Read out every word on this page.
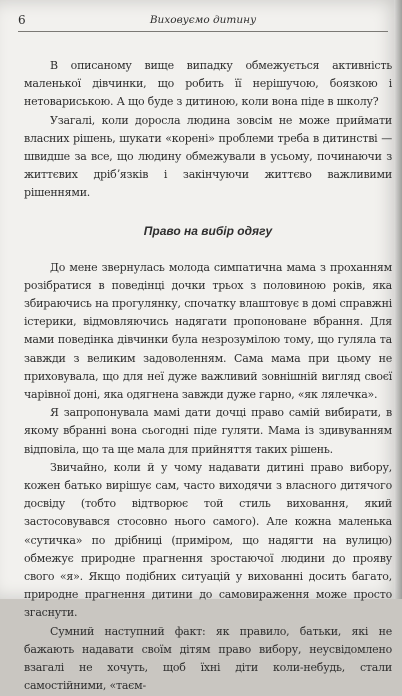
6	Виховуємо дитину

В описаному вище випадку обмежується активність маленької дівчинки, що робить її нерішучою, боязкою і нетовариською. А що буде з дитиною, коли вона піде в школу?

Узагалі, коли доросла людина зовсім не може приймати власних рішень, шукати «корені» проблеми треба в дитинстві — швидше за все, що людину обмежували в усьому, починаючи з життєвих дрібʼязків і закінчуючи життєво важливими рішеннями.

Право на вибір одягу

До мене звернулась молода симпатична мама з проханням розібратися в поведінці дочки трьох з половиною років, яка збираючись на прогулянку, спочатку влаштовує в домі справжні істерики, відмовляючись надягати пропоноване вбрання. Для мами поведінка дівчинки була незрозумілою тому, що гуляла та завжди з великим задоволенням. Сама мама при цьому не приховувала, що для неї дуже важливий зовнішній вигляд своєї чарівної доні, яка одягнена завжди дуже гарно, «як лялечка».

Я запропонувала мамі дати дочці право самій вибирати, в якому вбранні вона сьогодні піде гуляти. Мама із здивуванням відповіла, що та ще мала для прийняття таких рішень.

Звичайно, коли й у чому надавати дитині право вибору, кожен батько вирішує сам, часто виходячи з власного дитячого досвіду (тобто відтворює той стиль виховання, який застосовувався стосовно нього самого). Але кожна маленька «сутичка» по дрібниці (приміром, що надягти на вулицю) обмежує природне прагнення зростаючої людини до прояву свого «я». Якщо подібних ситуацій у вихованні досить багато, природне прагнення дитини до самовираження може просто згаснути.

Сумний наступний факт: як правило, батьки, які не бажають надавати своїм дітям право вибору, неусвідомлено взагалі не хочуть, щоб їхні діти коли-небудь, стали самостійними, «таєм-
